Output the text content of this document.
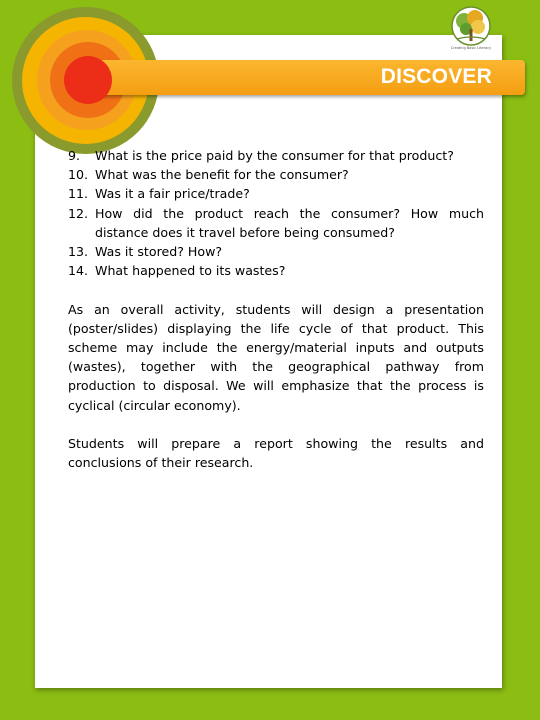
DISCOVER
Creating Basic Literacy
9. What is the price paid by the consumer for that product?
10. What was the benefit for the consumer?
11. Was it a fair price/trade?
12. How did the product reach the consumer? How much distance does it travel before being consumed?
13. Was it stored? How?
14. What happened to its wastes?

As an overall activity, students will design a presentation (poster/slides) displaying the life cycle of that product. This scheme may include the energy/material inputs and outputs (wastes), together with the geographical pathway from production to disposal. We will emphasize that the process is cyclical (circular economy).

Students will prepare a report showing the results and conclusions of their research.
